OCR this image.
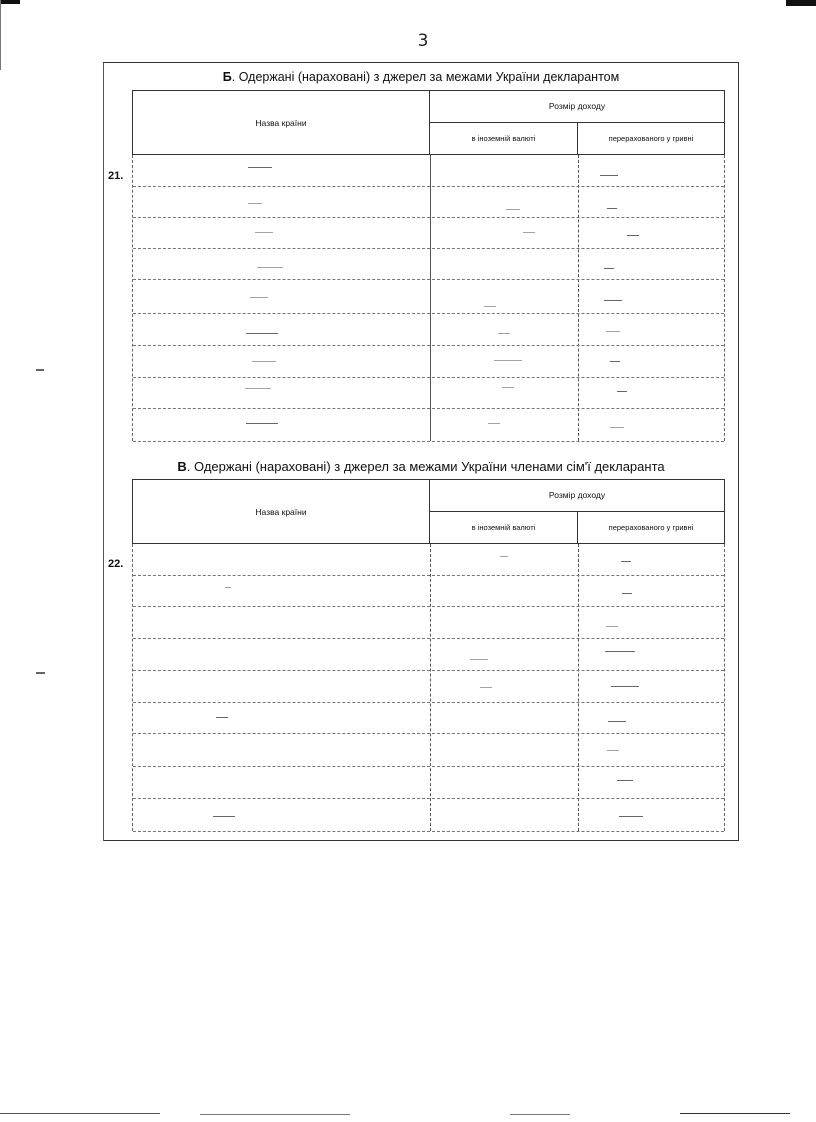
3
Б. Одержані (нараховані) з джерел за межами України декларантом
Назва країни
Розмір доходу
в іноземній валюті	перерахованого у гривні
21.
В. Одержані (нараховані) з джерел за межами України членами сім'ї декларанта
Назва країни
Розмір доходу
в іноземній валюті	перерахованого у гривні
22.
